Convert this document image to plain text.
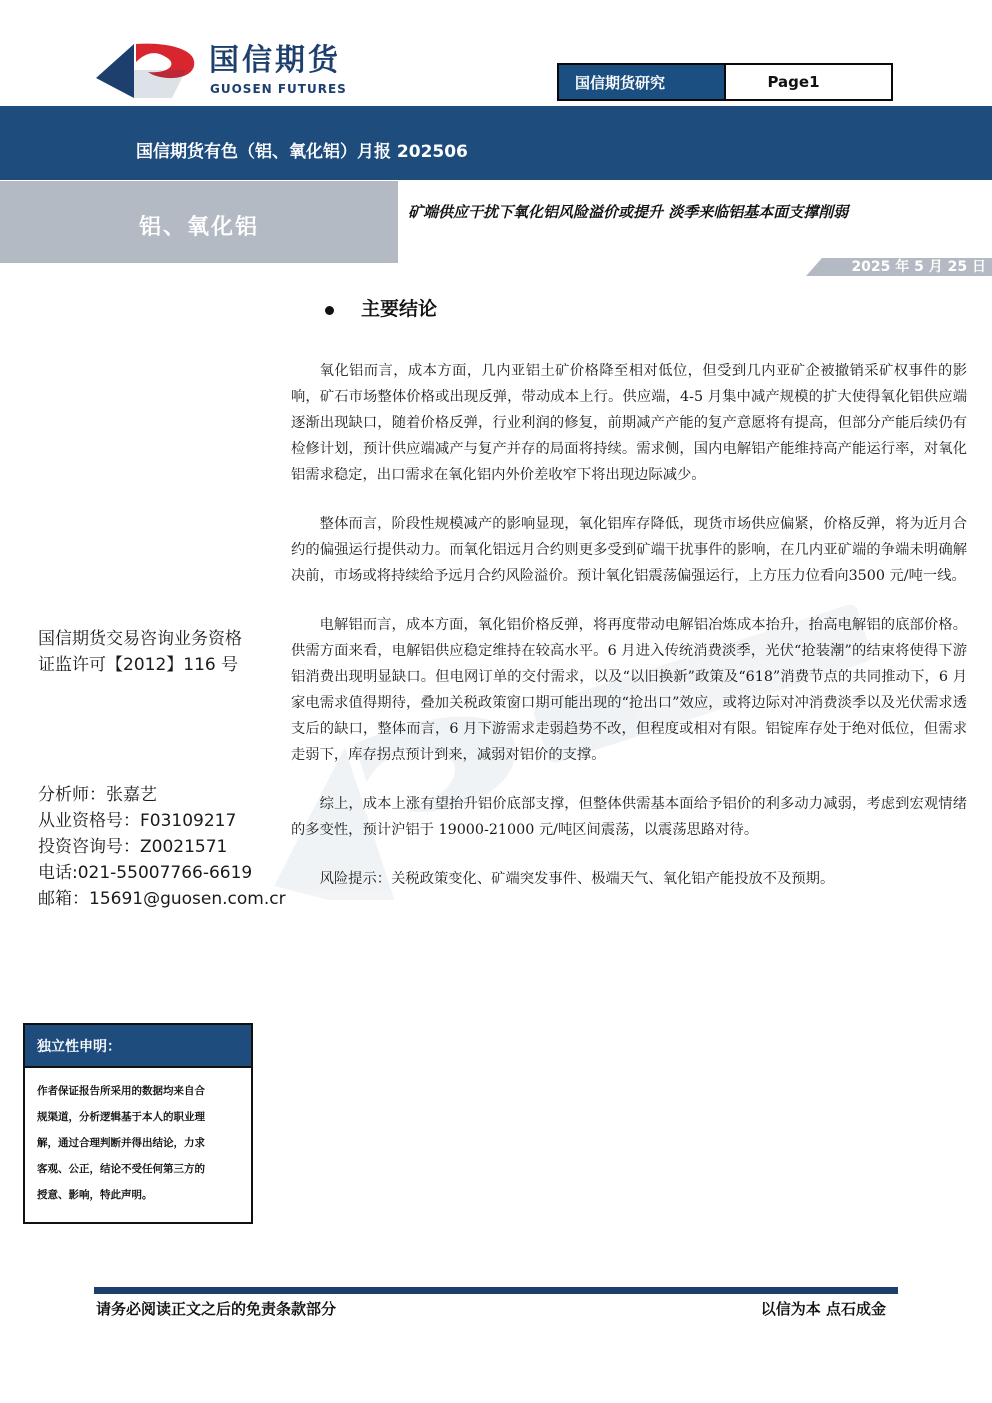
国信期货
GUOSEN FUTURES	国信期货研究	Page1
国信期货有色（铝、氧化铝）月报 202506
铝、氧化铝
矿端供应干扰下氧化铝风险溢价或提升 淡季来临铝基本面支撑削弱
2025 年 5 月 25 日
主要结论

氧化铝而言，成本方面，几内亚铝土矿价格降至相对低位，但受到几内亚矿企被撤销采矿权事件的影响，矿石市场整体价格或出现反弹，带动成本上行。供应端，4-5 月集中减产规模的扩大使得氧化铝供应端逐渐出现缺口，随着价格反弹，行业利润的修复，前期减产产能的复产意愿将有提高，但部分产能后续仍有检修计划，预计供应端减产与复产并存的局面将持续。需求侧，国内电解铝产能维持高产能运行率，对氧化铝需求稳定，出口需求在氧化铝内外价差收窄下将出现边际减少。

整体而言，阶段性规模减产的影响显现，氧化铝库存降低，现货市场供应偏紧，价格反弹，将为近月合约的偏强运行提供动力。而氧化铝远月合约则更多受到矿端干扰事件的影响，在几内亚矿端的争端未明确解决前，市场或将持续给予远月合约风险溢价。预计氧化铝震荡偏强运行，上方压力位看向3500 元/吨一线。

电解铝而言，成本方面，氧化铝价格反弹，将再度带动电解铝冶炼成本抬升，抬高电解铝的底部价格。供需方面来看，电解铝供应稳定维持在较高水平。6 月进入传统消费淡季，光伏“抢装潮”的结束将使得下游铝消费出现明显缺口。但电网订单的交付需求，以及“以旧换新”政策及“618”消费节点的共同推动下，6 月家电需求值得期待，叠加关税政策窗口期可能出现的“抢出口”效应，或将边际对冲消费淡季以及光伏需求透支后的缺口，整体而言，6 月下游需求走弱趋势不改，但程度或相对有限。铝锭库存处于绝对低位，但需求走弱下，库存拐点预计到来，减弱对铝价的支撑。

综上，成本上涨有望抬升铝价底部支撑，但整体供需基本面给予铝价的利多动力减弱，考虑到宏观情绪的多变性，预计沪铝于 19000-21000 元/吨区间震荡，以震荡思路对待。

风险提示：关税政策变化、矿端突发事件、极端天气、氧化铝产能投放不及预期。

国信期货交易咨询业务资格
证监许可【2012】116 号
分析师：张嘉艺
从业资格号：F03109217
投资咨询号：Z0021571
电话:021-55007766-6619
邮箱：15691@guosen.com.cr
独立性申明：
作者保证报告所采用的数据均来自合
规渠道，分析逻辑基于本人的职业理
解，通过合理判断并得出结论，力求
客观、公正，结论不受任何第三方的
授意、影响，特此声明。
请务必阅读正文之后的免责条款部分	以信为本 点石成金
